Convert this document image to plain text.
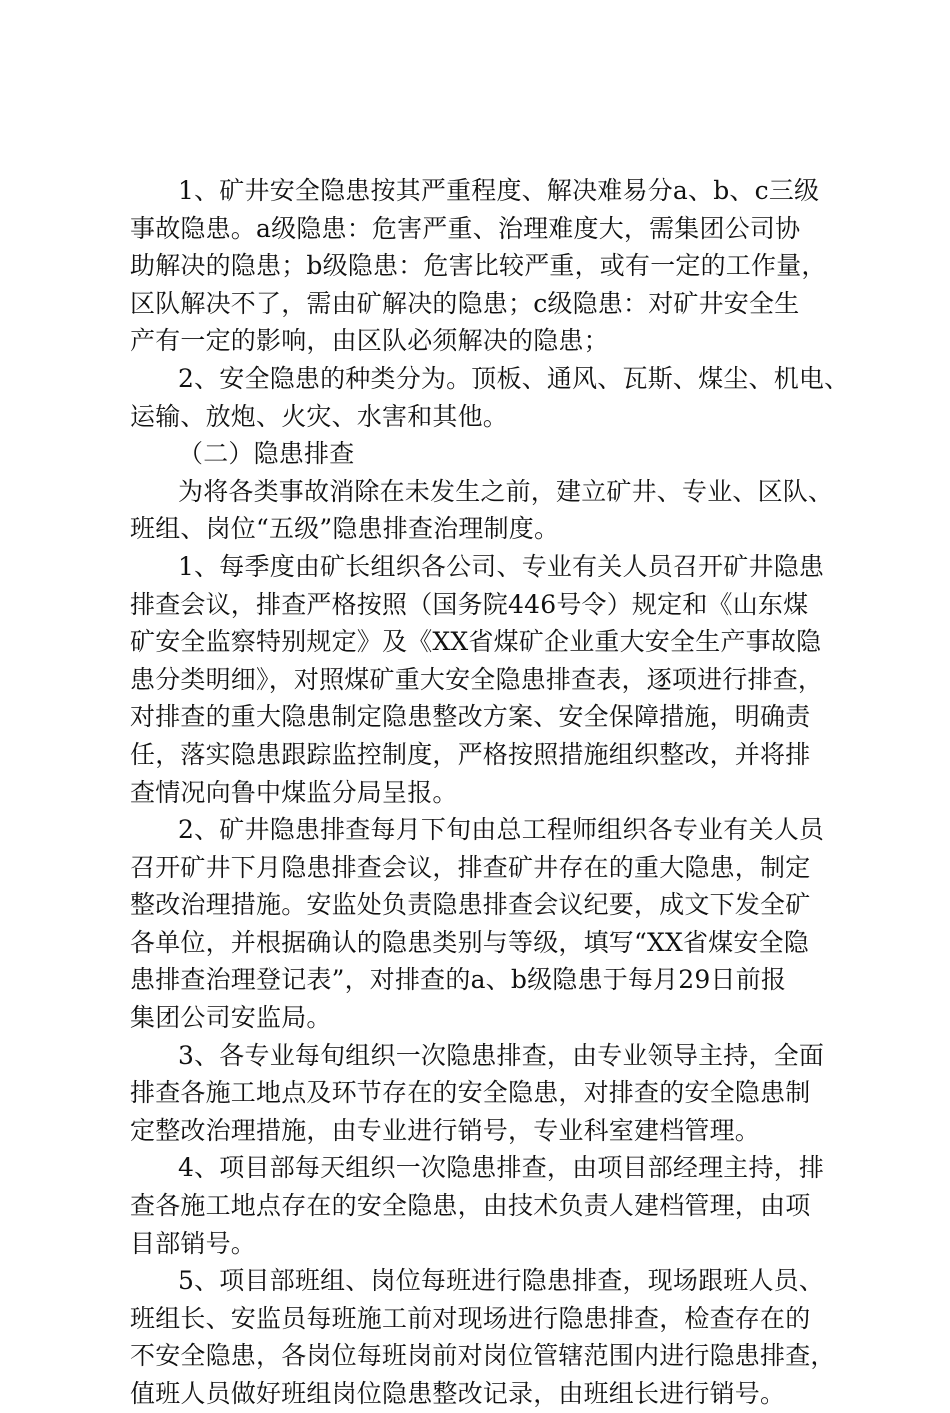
1、矿井安全隐患按其严重程度、解决难易分a、b、c三级
事故隐患。a级隐患：危害严重、治理难度大，需集团公司协
助解决的隐患；b级隐患：危害比较严重，或有一定的工作量，
区队解决不了，需由矿解决的隐患；c级隐患：对矿井安全生
产有一定的影响，由区队必须解决的隐患；
2、安全隐患的种类分为。顶板、通风、瓦斯、煤尘、机电、
运输、放炮、火灾、水害和其他。
（二）隐患排查
为将各类事故消除在未发生之前，建立矿井、专业、区队、
班组、岗位“五级”隐患排查治理制度。
1、每季度由矿长组织各公司、专业有关人员召开矿井隐患
排查会议，排查严格按照（国务院446号令）规定和《山东煤
矿安全监察特别规定》及《XX省煤矿企业重大安全生产事故隐
患分类明细》，对照煤矿重大安全隐患排查表，逐项进行排查，
对排查的重大隐患制定隐患整改方案、安全保障措施，明确责
任，落实隐患跟踪监控制度，严格按照措施组织整改，并将排
查情况向鲁中煤监分局呈报。
2、矿井隐患排查每月下旬由总工程师组织各专业有关人员
召开矿井下月隐患排查会议，排查矿井存在的重大隐患，制定
整改治理措施。安监处负责隐患排查会议纪要，成文下发全矿
各单位，并根据确认的隐患类别与等级，填写“XX省煤安全隐
患排查治理登记表”，对排查的a、b级隐患于每月29日前报
集团公司安监局。
3、各专业每旬组织一次隐患排查，由专业领导主持，全面
排查各施工地点及环节存在的安全隐患，对排查的安全隐患制
定整改治理措施，由专业进行销号，专业科室建档管理。
4、项目部每天组织一次隐患排查，由项目部经理主持，排
查各施工地点存在的安全隐患，由技术负责人建档管理，由项
目部销号。
5、项目部班组、岗位每班进行隐患排查，现场跟班人员、
班组长、安监员每班施工前对现场进行隐患排查，检查存在的
不安全隐患，各岗位每班岗前对岗位管辖范围内进行隐患排查，
值班人员做好班组岗位隐患整改记录，由班组长进行销号。
